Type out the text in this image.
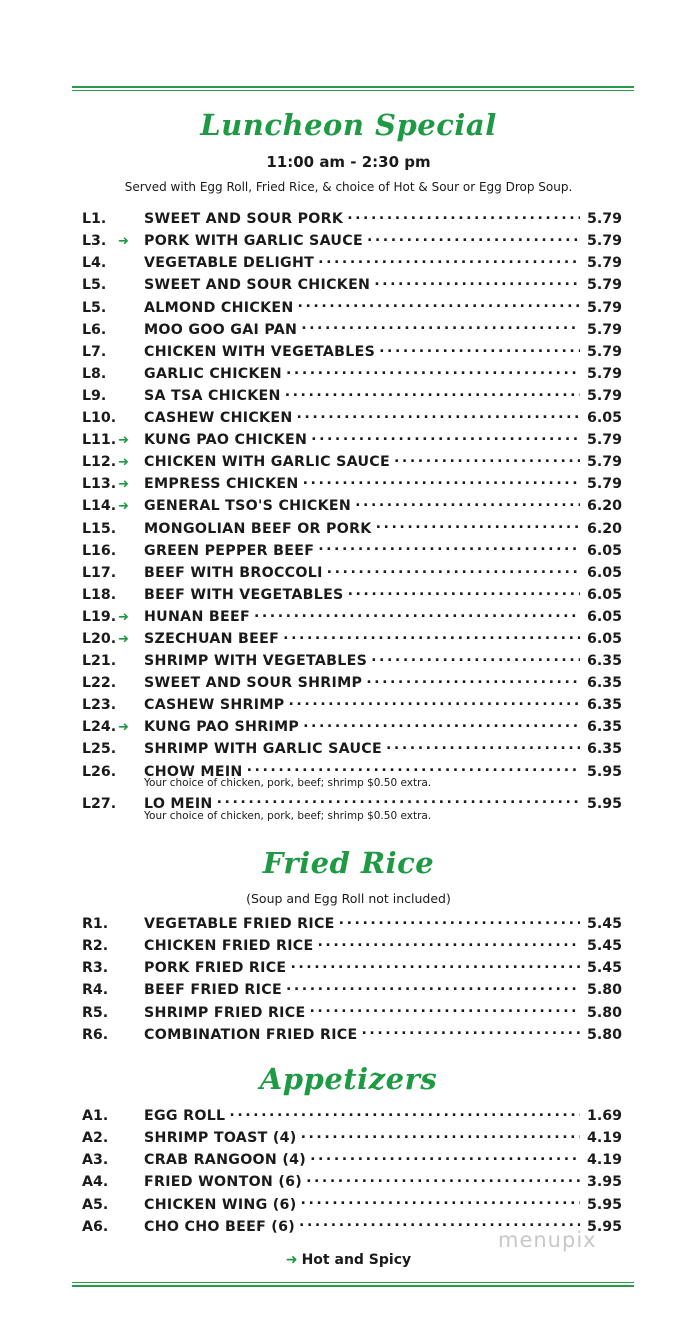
Luncheon Special
11:00 am - 2:30 pm
Served with Egg Roll, Fried Rice, & choice of Hot & Sour or Egg Drop Soup.
L1.	SWEET AND SOUR PORK . . .	5.79
L3. ➜	PORK WITH GARLIC SAUCE . . .	5.79
L4.	VEGETABLE DELIGHT . . .	5.79
L5.	SWEET AND SOUR CHICKEN . . .	5.79
L5.	ALMOND CHICKEN . . .	5.79
L6.	MOO GOO GAI PAN . . .	5.79
L7.	CHICKEN WITH VEGETABLES . . .	5.79
L8.	GARLIC CHICKEN . . .	5.79
L9.	SA TSA CHICKEN . . .	5.79
L10. CASHEW CHICKEN . . .	6.05
L11. ➜	KUNG PAO CHICKEN . . .	5.79
L12. ➜	CHICKEN WITH GARLIC SAUCE . . .	5.79
L13. ➜	EMPRESS CHICKEN . . .	5.79
L14. ➜	GENERAL TSO'S CHICKEN . . .	6.20
L15. MONGOLIAN BEEF OR PORK . . .	6.20
L16. GREEN PEPPER BEEF . . .	6.05
L17. BEEF WITH BROCCOLI . . .	6.05
L18. BEEF WITH VEGETABLES . . .	6.05
L19. ➜	HUNAN BEEF . . .	6.05
L20. ➜	SZECHUAN BEEF . . .	6.05
L21. SHRIMP WITH VEGETABLES . . .	6.35
L22. SWEET AND SOUR SHRIMP . . .	6.35
L23. CASHEW SHRIMP . . .	6.35
L24. ➜	KUNG PAO SHRIMP . . .	6.35
L25. SHRIMP WITH GARLIC SAUCE . . .	6.35
L26. CHOW MEIN . . .	5.95
Your choice of chicken, pork, beef; shrimp $0.50 extra.
L27. LO MEIN . . .	5.95
Your choice of chicken, pork, beef; shrimp $0.50 extra.
Fried Rice
(Soup and Egg Roll not included)
R1.	VEGETABLE FRIED RICE . . .	5.45
R2.	CHICKEN FRIED RICE . . .	5.45
R3.	PORK FRIED RICE . . .	5.45
R4.	BEEF FRIED RICE . . .	5.80
R5.	SHRIMP FRIED RICE . . .	5.80
R6.	COMBINATION FRIED RICE . . .	5.80
Appetizers
A1.	EGG ROLL . . .	1.69
A2.	SHRIMP TOAST (4) . . .	4.19
A3.	CRAB RANGOON (4) . . .	4.19
A4.	FRIED WONTON (6) . . .	3.95
A5.	CHICKEN WING (6) . . .	5.95
A6.	CHO CHO BEEF (6) . . .	5.95
➜ Hot and Spicy
menupix
